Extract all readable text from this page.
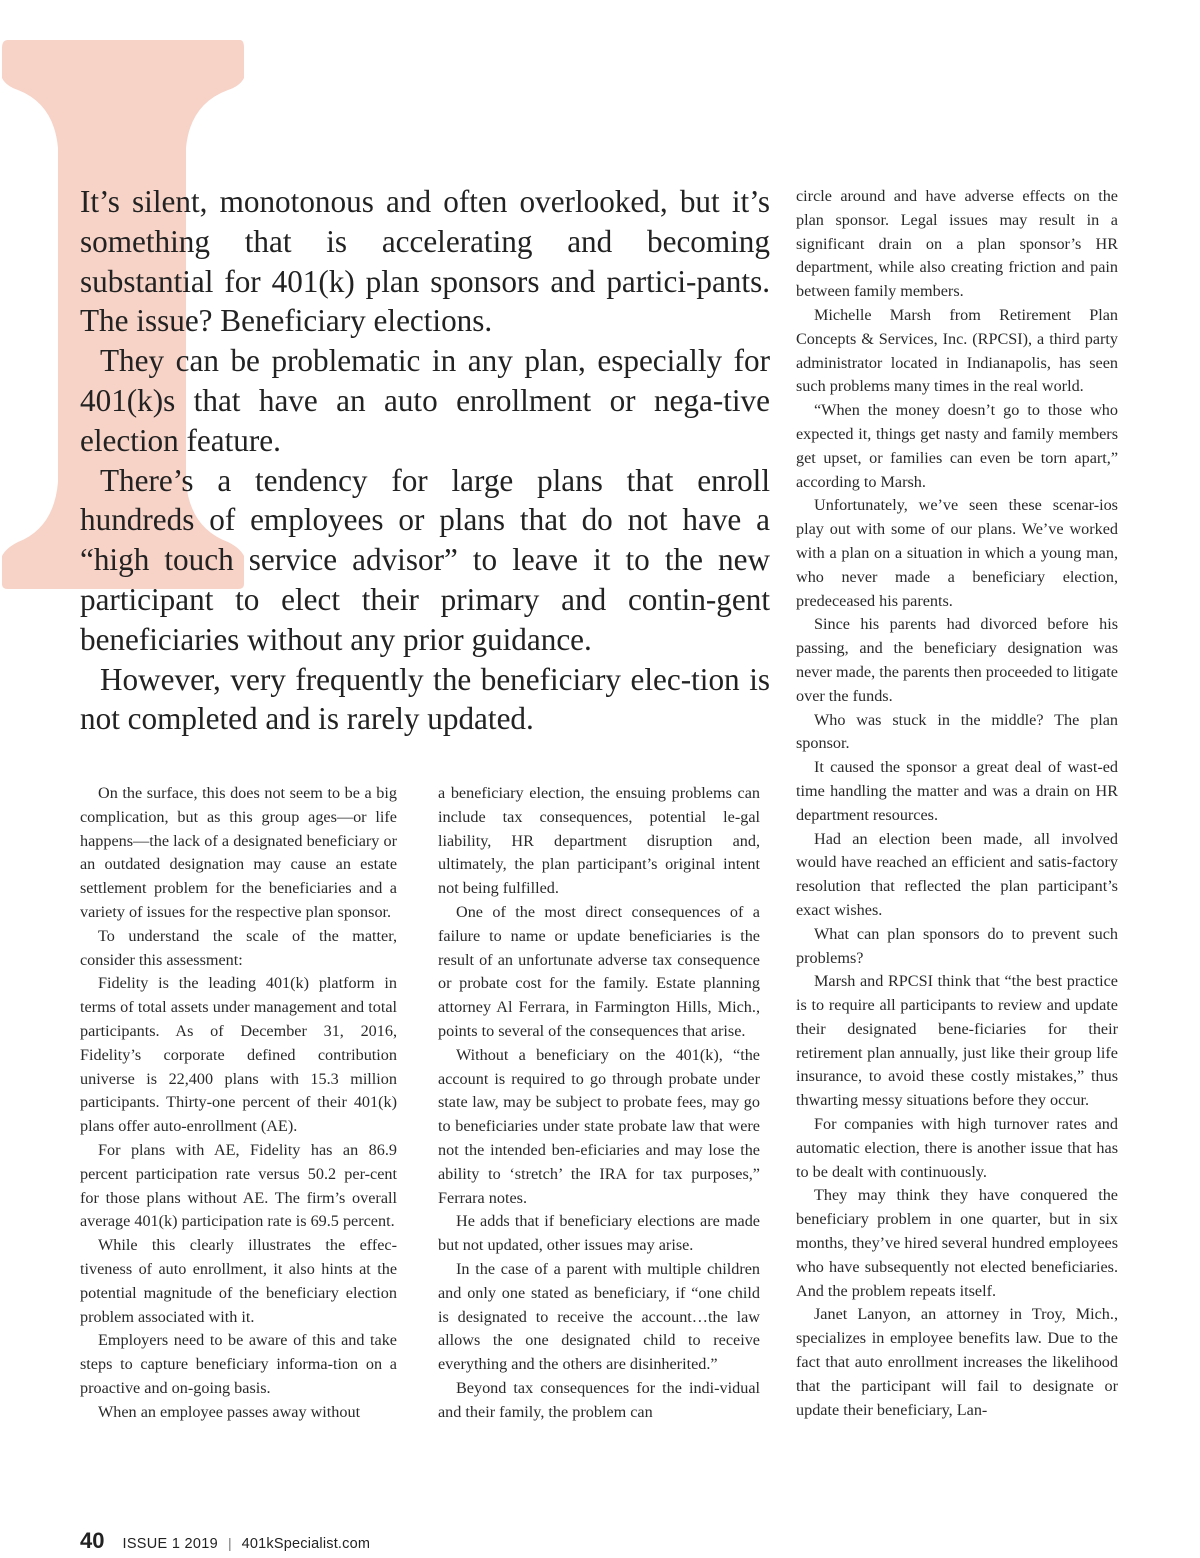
It’s silent, monotonous and often overlooked, but it’s something that is accelerating and becoming substantial for 401(k) plan sponsors and partici-pants. The issue? Beneficiary elections.

They can be problematic in any plan, especially for 401(k)s that have an auto enrollment or nega-tive election feature.

There’s a tendency for large plans that enroll hundreds of employees or plans that do not have a “high touch service advisor” to leave it to the new participant to elect their primary and contin-gent beneficiaries without any prior guidance.

However, very frequently the beneficiary elec-tion is not completed and is rarely updated.

On the surface, this does not seem to be a big complication, but as this group ages—or life happens—the lack of a designated beneficiary or an outdated designation may cause an estate settlement problem for the beneficiaries and a variety of issues for the respective plan sponsor.

To understand the scale of the matter, consider this assessment:

Fidelity is the leading 401(k) platform in terms of total assets under management and total participants. As of December 31, 2016, Fidelity’s corporate defined contribution universe is 22,400 plans with 15.3 million participants. Thirty-one percent of their 401(k) plans offer auto-enrollment (AE).

For plans with AE, Fidelity has an 86.9 percent participation rate versus 50.2 per-cent for those plans without AE. The firm’s overall average 401(k) participation rate is 69.5 percent.

While this clearly illustrates the effec-tiveness of auto enrollment, it also hints at the potential magnitude of the beneficiary election problem associated with it.

Employers need to be aware of this and take steps to capture beneficiary informa-tion on a proactive and on-going basis.

When an employee passes away without

a beneficiary election, the ensuing problems can include tax consequences, potential le-gal liability, HR department disruption and, ultimately, the plan participant’s original intent not being fulfilled.

One of the most direct consequences of a failure to name or update beneficiaries is the result of an unfortunate adverse tax consequence or probate cost for the family. Estate planning attorney Al Ferrara, in Farmington Hills, Mich., points to several of the consequences that arise.

Without a beneficiary on the 401(k), “the account is required to go through probate under state law, may be subject to probate fees, may go to beneficiaries under state probate law that were not the intended ben-eficiaries and may lose the ability to ‘stretch’ the IRA for tax purposes,” Ferrara notes.

He adds that if beneficiary elections are made but not updated, other issues may arise.

In the case of a parent with multiple children and only one stated as beneficiary, if “one child is designated to receive the account…the law allows the one designated child to receive everything and the others are disinherited.”

Beyond tax consequences for the indi-vidual and their family, the problem can

circle around and have adverse effects on the plan sponsor. Legal issues may result in a significant drain on a plan sponsor’s HR department, while also creating friction and pain between family members.

Michelle Marsh from Retirement Plan Concepts & Services, Inc. (RPCSI), a third party administrator located in Indianapolis, has seen such problems many times in the real world.

“When the money doesn’t go to those who expected it, things get nasty and family members get upset, or families can even be torn apart,” according to Marsh.

Unfortunately, we’ve seen these scenar-ios play out with some of our plans. We’ve worked with a plan on a situation in which a young man, who never made a beneficiary election, predeceased his parents.

Since his parents had divorced before his passing, and the beneficiary designation was never made, the parents then proceeded to litigate over the funds.

Who was stuck in the middle? The plan sponsor.

It caused the sponsor a great deal of wast-ed time handling the matter and was a drain on HR department resources.

Had an election been made, all involved would have reached an efficient and satis-factory resolution that reflected the plan participant’s exact wishes.

What can plan sponsors do to prevent such problems?

Marsh and RPCSI think that “the best practice is to require all participants to review and update their designated bene-ficiaries for their retirement plan annually, just like their group life insurance, to avoid these costly mistakes,” thus thwarting messy situations before they occur.

For companies with high turnover rates and automatic election, there is another issue that has to be dealt with continuously.

They may think they have conquered the beneficiary problem in one quarter, but in six months, they’ve hired several hundred employees who have subsequently not elected beneficiaries. And the problem repeats itself.

Janet Lanyon, an attorney in Troy, Mich., specializes in employee benefits law. Due to the fact that auto enrollment increases the likelihood that the participant will fail to designate or update their beneficiary, Lan-

40 ISSUE 1 2019 | 401kSpecialist.com
